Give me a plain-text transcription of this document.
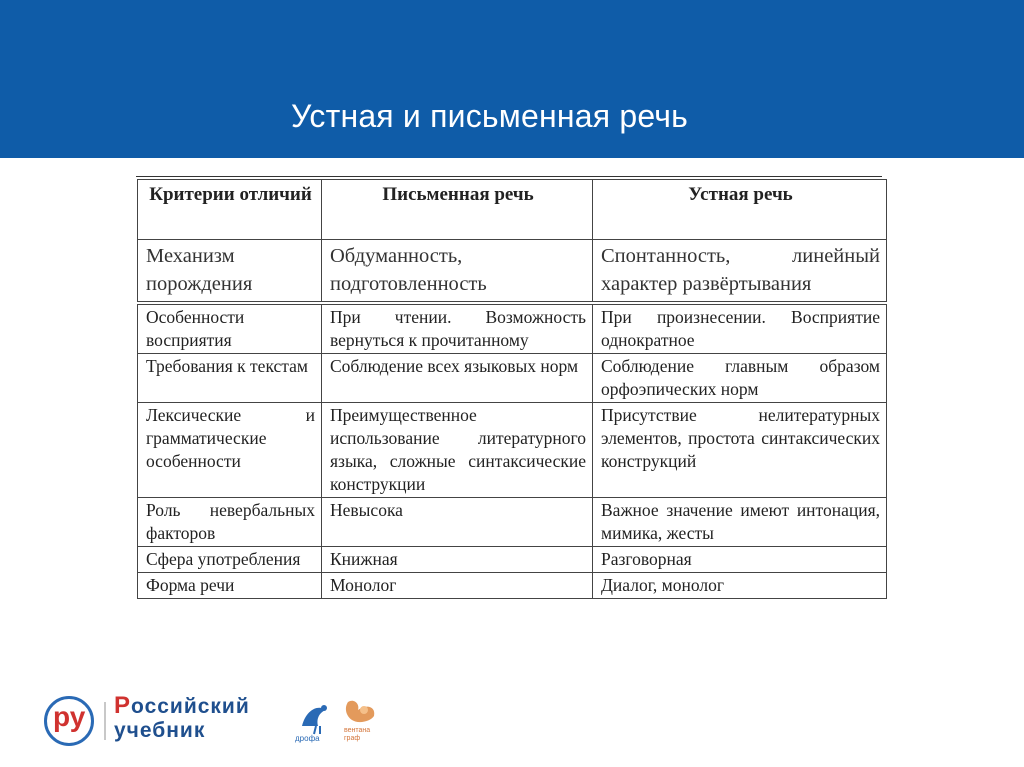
Устная и письменная речь
Критерии отличий	Письменная речь	Устная речь
Механизм порождения	Обдуманность, подготовленность	Спонтанность, линейный характер развёртывания

Особенности восприятия	При чтении. Возможность вернуться к прочитанному	При произнесении. Восприятие однократное
Требования к текстам	Соблюдение всех языковых норм	Соблюдение главным образом орфоэпических норм
Лексические и грамматические особенности	Преимущественное использование литературного языка, сложные синтаксические конструкции	Присутствие нелитературных элементов, простота синтаксических конструкций
Роль невербальных факторов	Невысока	Важное значение имеют интонация, мимика, жесты
Сфера употребления	Книжная	Разговорная
Форма речи	Монолог	Диалог, монолог
ру Российский
учебник	дрофа
вентана
граф
